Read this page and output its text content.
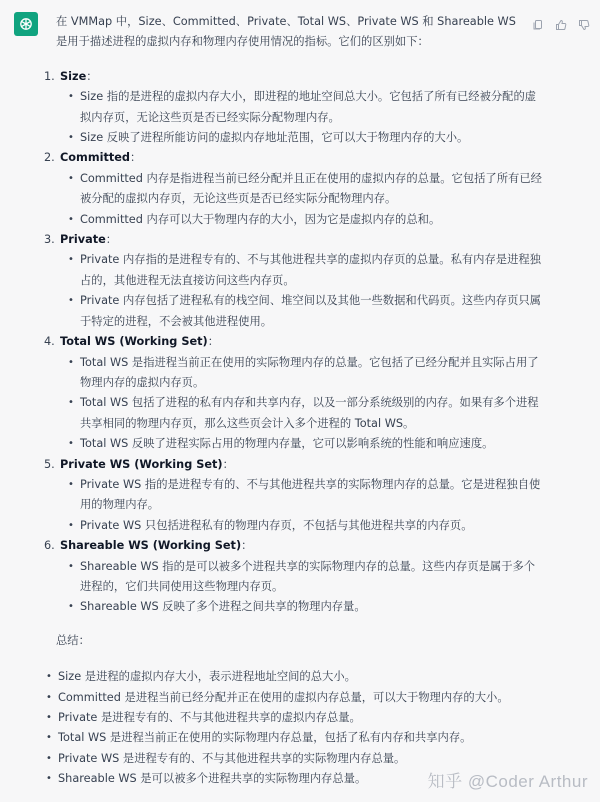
在 VMMap 中，Size、Committed、Private、Total WS、Private WS 和 Shareable WS 是用于描述进程的虚拟内存和物理内存使用情况的指标。它们的区别如下：

1. Size：
• Size 指的是进程的虚拟内存大小，即进程的地址空间总大小。它包括了所有已经被分配的虚拟内存页，无论这些页是否已经实际分配物理内存。
• Size 反映了进程所能访问的虚拟内存地址范围，它可以大于物理内存的大小。
2. Committed：
• Committed 内存是指进程当前已经分配并且正在使用的虚拟内存的总量。它包括了所有已经被分配的虚拟内存页，无论这些页是否已经实际分配物理内存。
• Committed 内存可以大于物理内存的大小，因为它是虚拟内存的总和。
3. Private：
• Private 内存指的是进程专有的、不与其他进程共享的虚拟内存页的总量。私有内存是进程独占的，其他进程无法直接访问这些内存页。
• Private 内存包括了进程私有的栈空间、堆空间以及其他一些数据和代码页。这些内存页只属于特定的进程，不会被其他进程使用。
4. Total WS (Working Set)：
• Total WS 是指进程当前正在使用的实际物理内存的总量。它包括了已经分配并且实际占用了物理内存的虚拟内存页。
• Total WS 包括了进程的私有内存和共享内存，以及一部分系统级别的内存。如果有多个进程共享相同的物理内存页，那么这些页会计入多个进程的 Total WS。
• Total WS 反映了进程实际占用的物理内存量，它可以影响系统的性能和响应速度。
5. Private WS (Working Set)：
• Private WS 指的是进程专有的、不与其他进程共享的实际物理内存的总量。它是进程独自使用的物理内存。
• Private WS 只包括进程私有的物理内存页，不包括与其他进程共享的内存页。
6. Shareable WS (Working Set)：
• Shareable WS 指的是可以被多个进程共享的实际物理内存的总量。这些内存页是属于多个进程的，它们共同使用这些物理内存页。
• Shareable WS 反映了多个进程之间共享的物理内存量。

总结：

• Size 是进程的虚拟内存大小，表示进程地址空间的总大小。
• Committed 是进程当前已经分配并正在使用的虚拟内存总量，可以大于物理内存的大小。
• Private 是进程专有的、不与其他进程共享的虚拟内存总量。
• Total WS 是进程当前正在使用的实际物理内存总量，包括了私有内存和共享内存。
• Private WS 是进程专有的、不与其他进程共享的实际物理内存总量。
• Shareable WS 是可以被多个进程共享的实际物理内存总量。	知乎 @Coder Arthur
